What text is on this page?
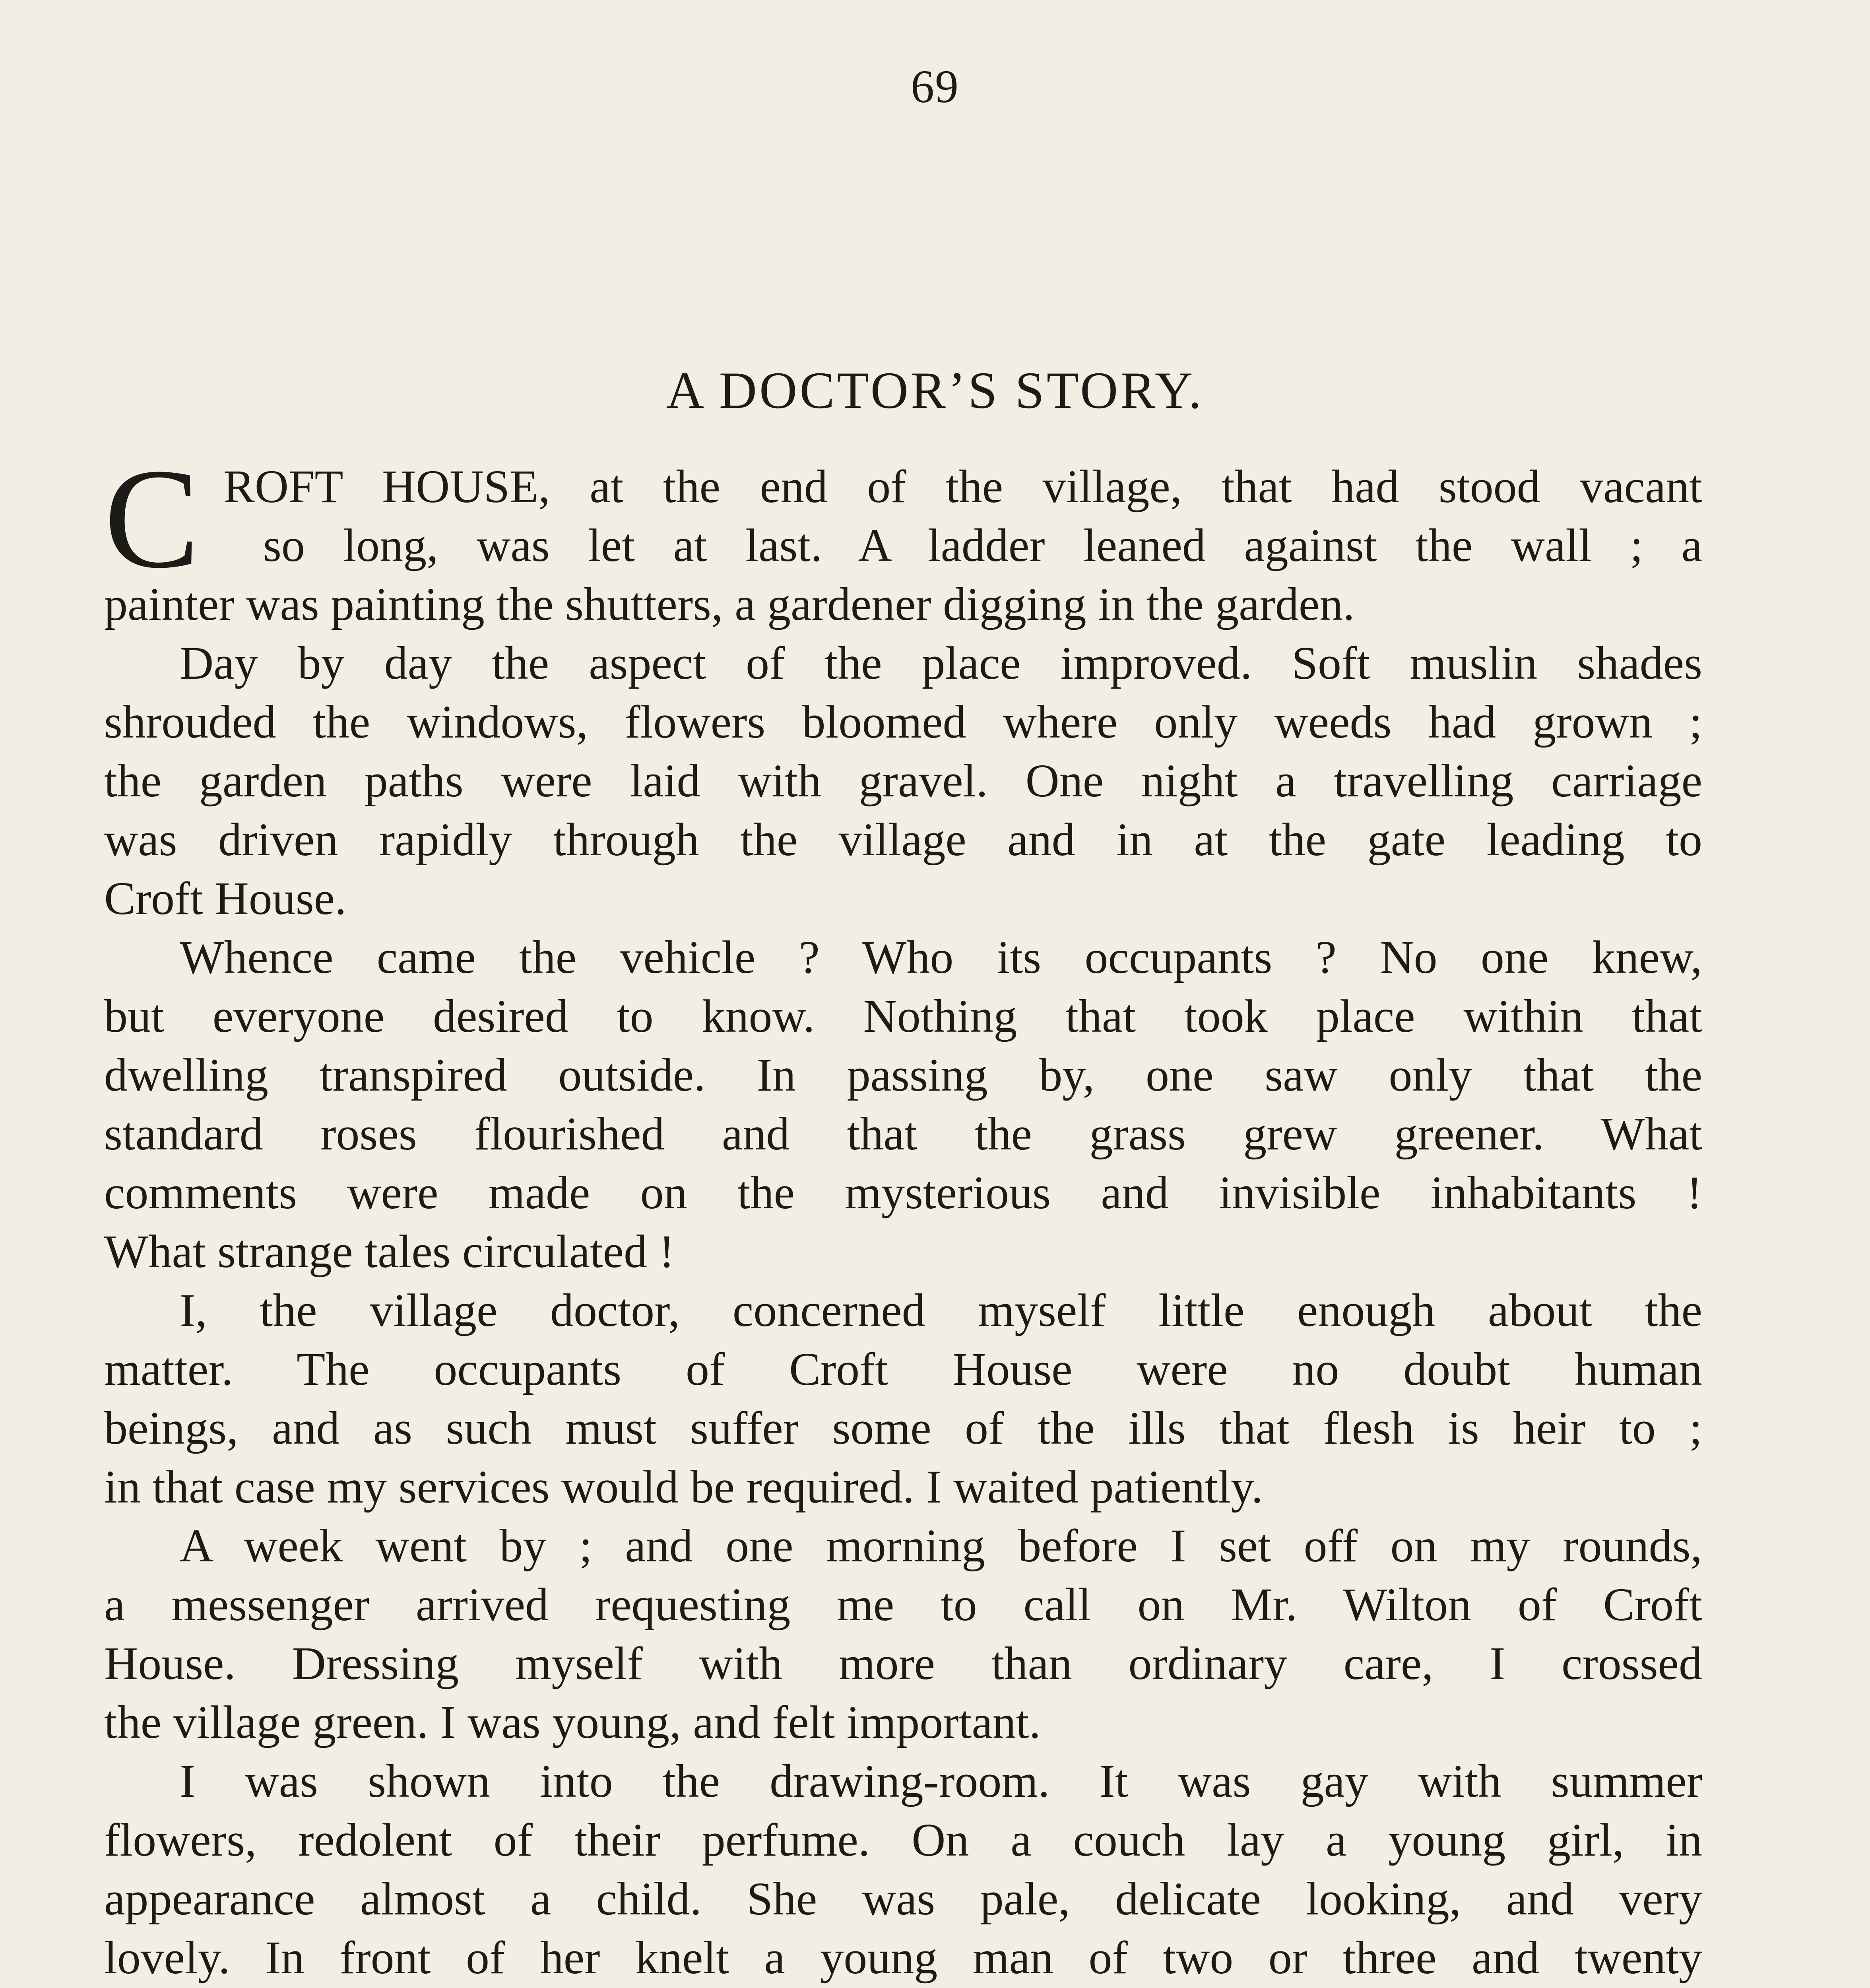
69
A DOCTOR’S STORY.
C ROFT HOUSE, at the end of the village, that had stood vacant
so long, was let at last. A ladder leaned against the wall ; a
painter was painting the shutters, a gardener digging in the garden.
Day by day the aspect of the place improved. Soft muslin shades
shrouded the windows, flowers bloomed where only weeds had grown ;
the garden paths were laid with gravel. One night a travelling carriage
was driven rapidly through the village and in at the gate leading to
Croft House.
Whence came the vehicle ? Who its occupants ? No one knew,
but everyone desired to know. Nothing that took place within that
dwelling transpired outside. In passing by, one saw only that the
standard roses flourished and that the grass grew greener. What
comments were made on the mysterious and invisible inhabitants !
What strange tales circulated !
I, the village doctor, concerned myself little enough about the
matter. The occupants of Croft House were no doubt human
beings, and as such must suffer some of the ills that flesh is heir to ;
in that case my services would be required. I waited patiently.
A week went by ; and one morning before I set off on my rounds,
a messenger arrived requesting me to call on Mr. Wilton of Croft
House. Dressing myself with more than ordinary care, I crossed
the village green. I was young, and felt important.
I was shown into the drawing-room. It was gay with summer
flowers, redolent of their perfume. On a couch lay a young girl, in
appearance almost a child. She was pale, delicate looking, and very
lovely. In front of her knelt a young man of two or three and twenty
